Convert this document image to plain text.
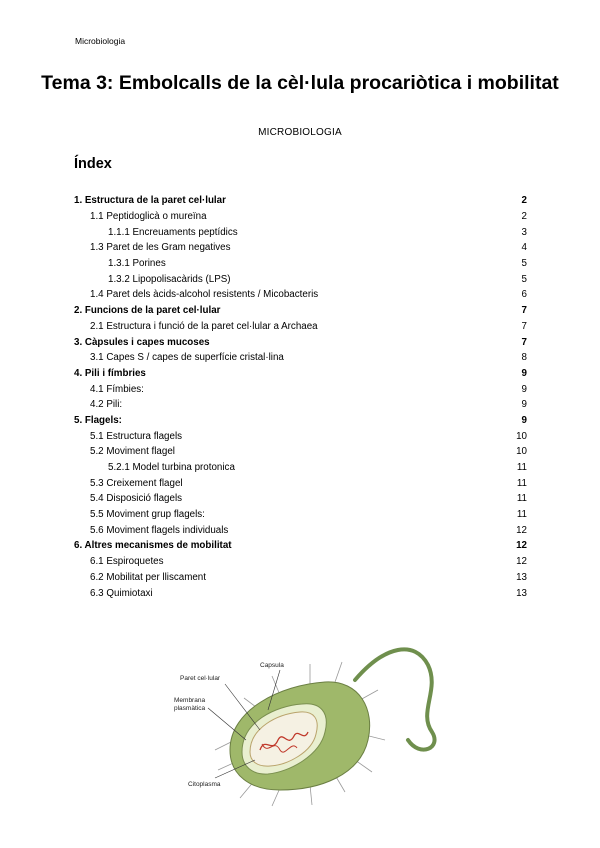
Microbiologia
Tema 3: Embolcalls de la cèl·lula procariòtica i mobilitat
MICROBIOLOGIA
Índex
1. Estructura de la paret cel·lular	2
1.1 Peptidoglicà o mureïna	2
1.1.1 Encreuaments peptídics	3
1.3 Paret de les Gram negatives	4
1.3.1 Porines	5
1.3.2 Lipopolisacàrids (LPS)	5
1.4 Paret dels àcids-alcohol resistents / Micobacteris	6
2. Funcions de la paret cel·lular	7
2.1 Estructura i funció de la paret cel·lular a Archaea	7
3. Càpsules i capes mucoses	7
3.1 Capes S / capes de superfície cristal·lina	8
4. Pili i fímbries	9
4.1 Fímbies:	9
4.2 Pili:	9
5. Flagels:	9
5.1 Estructura flagels	10
5.2 Moviment flagel	10
5.2.1 Model turbina protonica	11
5.3 Creixement flagel	11
5.4 Disposició flagels	11
5.5 Moviment grup flagels:	11
5.6 Moviment flagels individuals	12
6. Altres mecanismes de mobilitat	12
6.1 Espiroquetes	12
6.2 Mobilitat per lliscament	13
6.3 Quimiotaxi	13
Paret cel·lular
Capsula
Membrana
plasmàtica
Citoplasma
